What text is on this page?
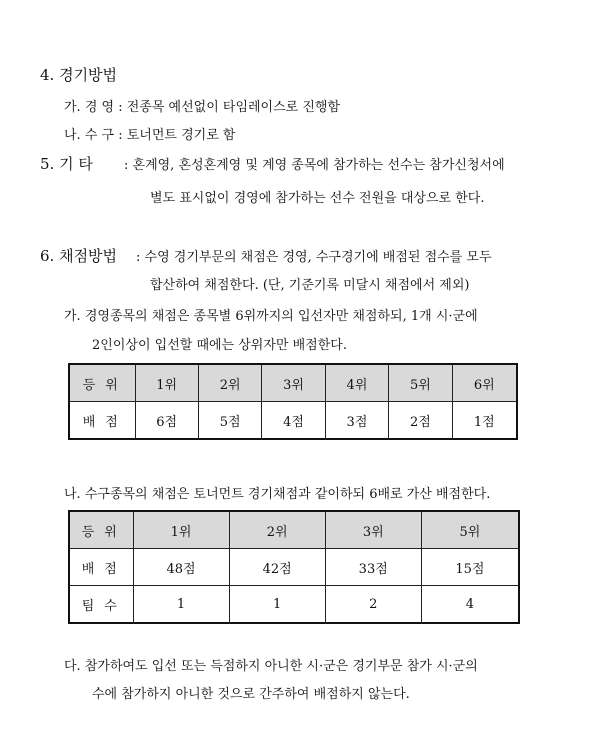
4. 경기방법
가. 경 영 : 전종목 예선없이 타임레이스로 진행함
나. 수 구 : 토너먼트 경기로 함
5. 기 타 : 혼계영, 혼성혼계영 및 계영 종목에 참가하는 선수는 참가신청서에
별도 표시없이 경영에 참가하는 선수 전원을 대상으로 한다.
6. 채점방법 : 수영 경기부문의 채점은 경영, 수구경기에 배점된 점수를 모두
합산하여 채점한다. (단, 기준기록 미달시 채점에서 제외)
가. 경영종목의 채점은 종목별 6위까지의 입선자만 채점하되, 1개 시·군에
2인이상이 입선할 때에는 상위자만 배점한다.
등위	1위	2위	3위	4위	5위	6위
배점	6점	5점	4점	3점	2점	1점
나. 수구종목의 채점은 토너먼트 경기채점과 같이하되 6배로 가산 배점한다.
등위	1위	2위	3위	5위
배점	48점	42점	33점	15점
팀수	1	1	2	4
다. 참가하여도 입선 또는 득점하지 아니한 시·군은 경기부문 참가 시·군의
수에 참가하지 아니한 것으로 간주하여 배점하지 않는다.
